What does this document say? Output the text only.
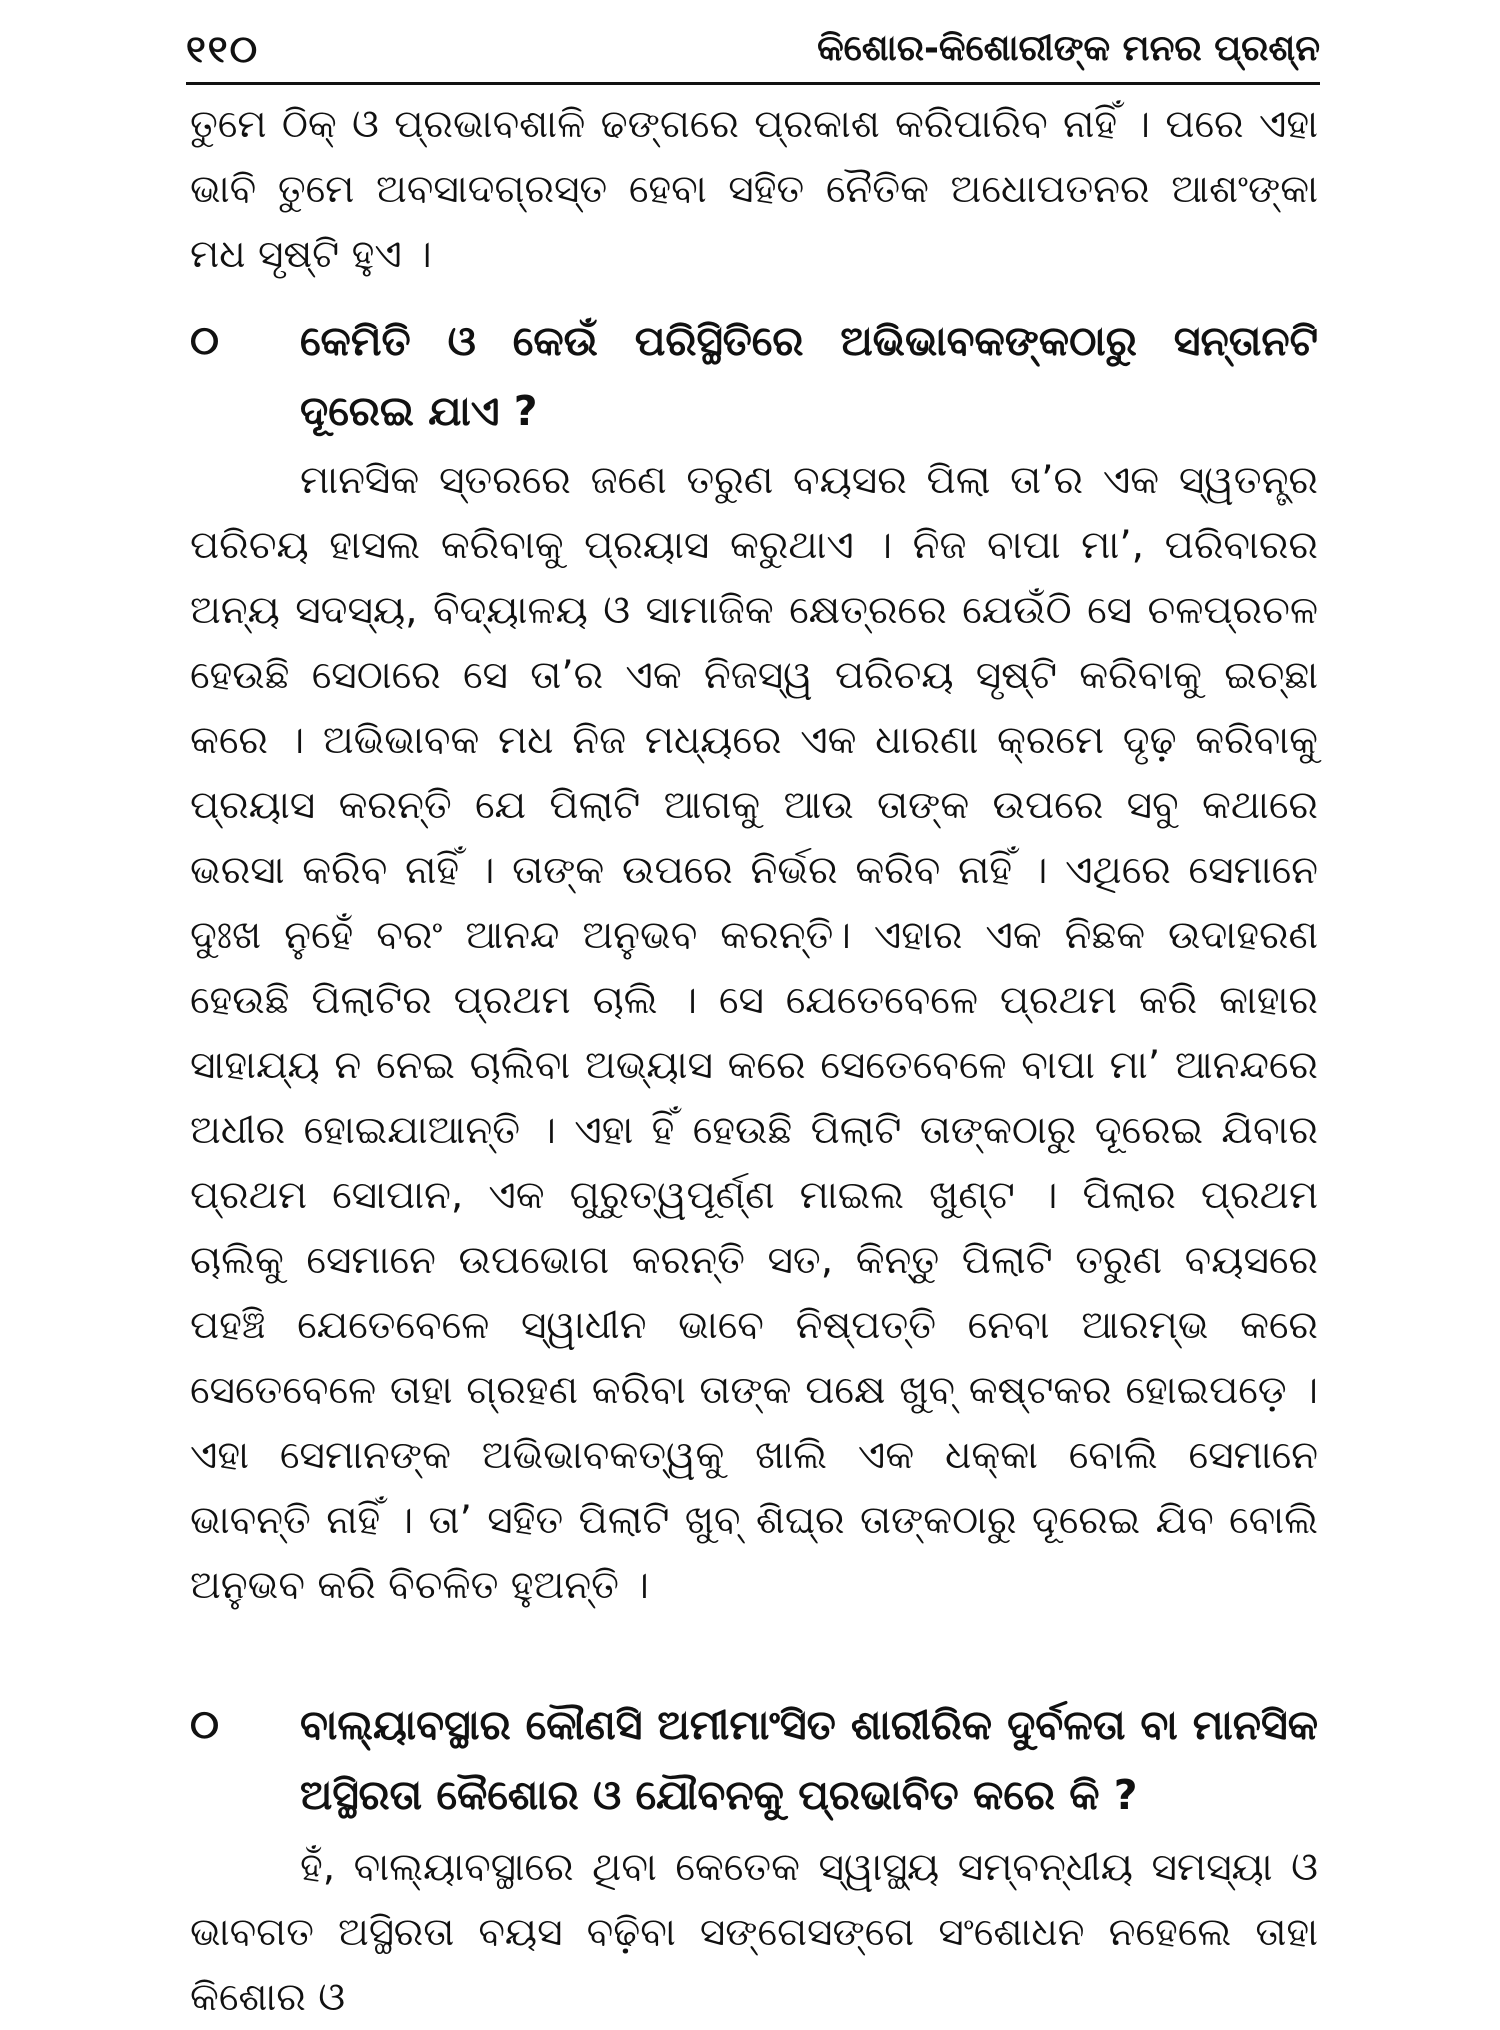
୧୧୦	କିଶୋର-କିଶୋରୀଙ୍କ ମନର ପ୍ରଶ୍ନ

ତୁମେ ଠିକ୍ ଓ ପ୍ରଭାବଶାଳି ଢଙ୍ଗରେ ପ୍ରକାଶ କରିପାରିବ ନାହିଁ । ପରେ ଏହା ଭାବି ତୁମେ ଅବସାଦଗ୍ରସ୍ତ ହେବା ସହିତ ନୈତିକ ଅଧୋପତନର ଆଶଂଙ୍କା ମଧ ସୃଷ୍ଟି ହୁଏ ।

୦	କେମିତି ଓ କେଉଁ ପରିସ୍ଥିତିରେ ଅଭିଭାବକଙ୍କଠାରୁ ସନ୍ତାନଟି ଦୂରେଇ ଯାଏ ?

ମାନସିକ ସ୍ତରରେ ଜଣେ ତରୁଣ ବୟସର ପିଲା ତା’ର ଏକ ସ୍ୱତନ୍ତ୍ର ପରିଚୟ ହାସଲ କରିବାକୁ ପ୍ରୟାସ କରୁଥାଏ । ନିଜ ବାପା ମା’, ପରିବାରର ଅନ୍ୟ ସଦସ୍ୟ, ବିଦ୍ୟାଳୟ ଓ ସାମାଜିକ କ୍ଷେତ୍ରରେ ଯେଉଁଠି ସେ ଚଳପ୍ରଚଳ ହେଉଛି ସେଠାରେ ସେ ତା’ର ଏକ ନିଜସ୍ୱ ପରିଚୟ ସୃଷ୍ଟି କରିବାକୁ ଇଚ୍ଛା କରେ । ଅଭିଭାବକ ମଧ ନିଜ ମଧ୍ୟରେ ଏକ ଧାରଣା କ୍ରମେ ଦୃଢ଼ କରିବାକୁ ପ୍ରୟାସ କରନ୍ତି ଯେ ପିଲାଟି ଆଗକୁ ଆଉ ତାଙ୍କ ଉପରେ ସବୁ କଥାରେ ଭରସା କରିବ ନାହିଁ । ତାଙ୍କ ଉପରେ ନିର୍ଭର କରିବ ନାହିଁ । ଏଥିରେ ସେମାନେ ଦୁଃଖ ନୁହେଁ ବରଂ ଆନନ୍ଦ ଅନୁଭବ କରନ୍ତି। ଏହାର ଏକ ନିଛକ ଉଦାହରଣ ହେଉଛି ପିଲାଟିର ପ୍ରଥମ ଚାଲି । ସେ ଯେତେବେଳେ ପ୍ରଥମ କରି କାହାର ସାହାଯ୍ୟ ନ ନେଇ ଚାଲିବା ଅଭ୍ୟାସ କରେ ସେତେବେଳେ ବାପା ମା’ ଆନନ୍ଦରେ ଅଧୀର ହୋଇଯାଆନ୍ତି । ଏହା ହିଁ ହେଉଛି ପିଲାଟି ତାଙ୍କଠାରୁ ଦୂରେଇ ଯିବାର ପ୍ରଥମ ସୋପାନ, ଏକ ଗୁରୁତ୍ୱପୂର୍ଣ୍ଣ ମାଇଲ ଖୁଣ୍ଟ । ପିଲାର ପ୍ରଥମ ଚାଲିକୁ ସେମାନେ ଉପଭୋଗ କରନ୍ତି ସତ, କିନ୍ତୁ ପିଲାଟି ତରୁଣ ବୟସରେ ପହଞ୍ଚି ଯେତେବେଳେ ସ୍ୱାଧୀନ ଭାବେ ନିଷ୍ପତ୍ତି ନେବା ଆରମ୍ଭ କରେ ସେତେବେଳେ ତାହା ଗ୍ରହଣ କରିବା ତାଙ୍କ ପକ୍ଷେ ଖୁବ୍ କଷ୍ଟକର ହୋଇପଡ଼େ । ଏହା ସେମାନଙ୍କ ଅଭିଭାବକତ୍ୱକୁ ଖାଲି ଏକ ଧକ୍କା ବୋଲି ସେମାନେ ଭାବନ୍ତି ନାହିଁ । ତା’ ସହିତ ପିଲାଟି ଖୁବ୍ ଶିଘ୍ର ତାଙ୍କଠାରୁ ଦୂରେଇ ଯିବ ବୋଲି ଅନୁଭବ କରି ବିଚଳିତ ହୁଅନ୍ତି ।

୦	ବାଲ୍ୟାବସ୍ଥାର କୌଣସି ଅମୀମାଂସିତ ଶାରୀରିକ ଦୁର୍ବଳତା ବା ମାନସିକ ଅସ୍ଥିରତା କୈଶୋର ଓ ଯୌବନକୁ ପ୍ରଭାବିତ କରେ କି ?

ହଁ, ବାଲ୍ୟାବସ୍ଥାରେ ଥିବା କେତେକ ସ୍ୱାସ୍ଥ୍ୟ ସମ୍ବନ୍ଧୀୟ ସମସ୍ୟା ଓ ଭାବଗତ ଅସ୍ଥିରତା ବୟସ ବଢ଼ିବା ସଙ୍ଗେସଙ୍ଗେ ସଂଶୋଧନ ନହେଲେ ତାହା କିଶୋର ଓ
